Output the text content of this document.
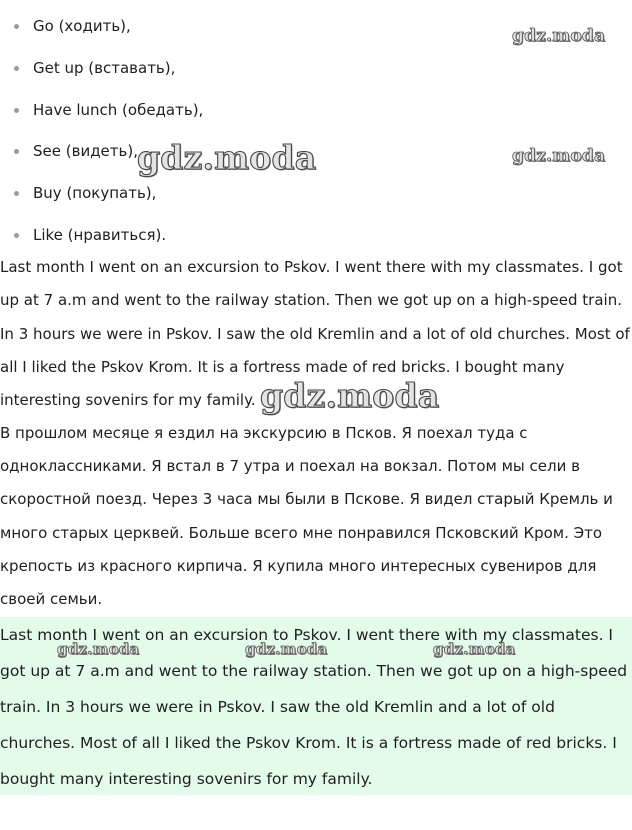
Go (ходить),
Get up (вставать),
Have lunch (обедать),
See (видеть),
Buy (покупать),
Like (нравиться).

Last month I went on an excursion to Pskov. I went there with my classmates. I got up at 7 a.m and went to the railway station. Then we got up on a high-speed train. In 3 hours we were in Pskov. I saw the old Kremlin and a lot of old churches. Most of all I liked the Pskov Krom. It is a fortress made of red bricks. I bought many interesting sovenirs for my family.

В прошлом месяце я ездил на экскурсию в Псков. Я поехал туда с одноклассниками. Я встал в 7 утра и поехал на вокзал. Потом мы сели в скоростной поезд. Через 3 часа мы были в Пскове. Я видел старый Кремль и много старых церквей. Больше всего мне понравился Псковский Кром. Это крепость из красного кирпича. Я купила много интересных сувениров для своей семьи.

Last month I went on an excursion to Pskov. I went there with my classmates. I got up at 7 a.m and went to the railway station. Then we got up on a high-speed train. In 3 hours we were in Pskov. I saw the old Kremlin and a lot of old churches. Most of all I liked the Pskov Krom. It is a fortress made of red bricks. I bought many interesting sovenirs for my family.

gdz.moda
gdz.moda	gdz.moda
gdz.moda
gdz.moda	gdz.moda	gdz.moda
